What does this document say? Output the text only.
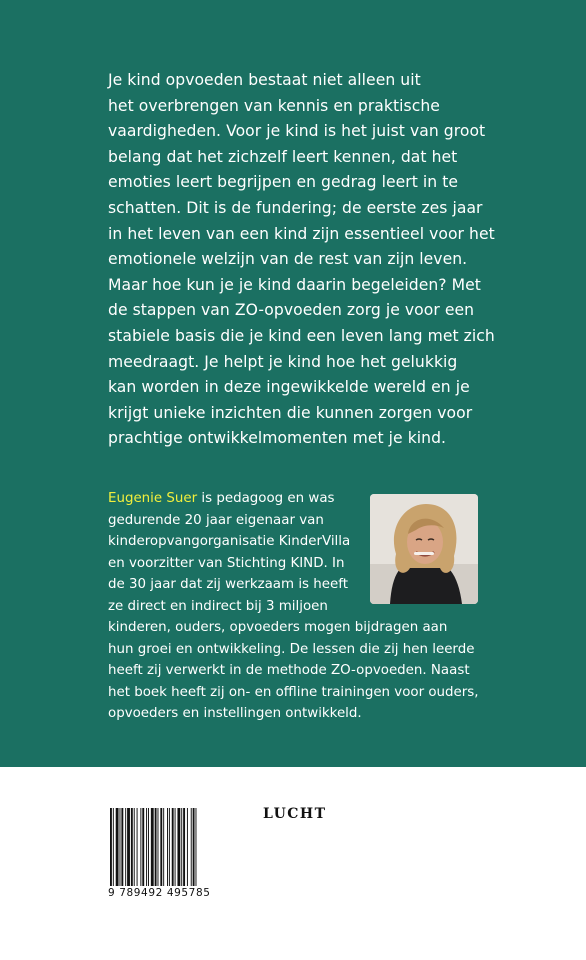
Je kind opvoeden bestaat niet alleen uit
het overbrengen van kennis en praktische
vaardigheden. Voor je kind is het juist van groot
belang dat het zichzelf leert kennen, dat het
emoties leert begrijpen en gedrag leert in te
schatten. Dit is de fundering; de eerste zes jaar
in het leven van een kind zijn essentieel voor het
emotionele welzijn van de rest van zijn leven.
Maar hoe kun je je kind daarin begeleiden? Met
de stappen van ZO-opvoeden zorg je voor een
stabiele basis die je kind een leven lang met zich
meedraagt. Je helpt je kind hoe het gelukkig
kan worden in deze ingewikkelde wereld en je
krijgt unieke inzichten die kunnen zorgen voor
prachtige ontwikkelmomenten met je kind.

Eugenie Suer is pedagoog en was
gedurende 20 jaar eigenaar van
kinderopvangorganisatie KinderVilla
en voorzitter van Stichting KIND. In
de 30 jaar dat zij werkzaam is heeft
ze direct en indirect bij 3 miljoen
kinderen, ouders, opvoeders mogen bijdragen aan
hun groei en ontwikkeling. De lessen die zij hen leerde
heeft zij verwerkt in de methode ZO-opvoeden. Naast
het boek heeft zij on- en offline trainingen voor ouders,
opvoeders en instellingen ontwikkeld.

9 789492 495785
LUCHT
